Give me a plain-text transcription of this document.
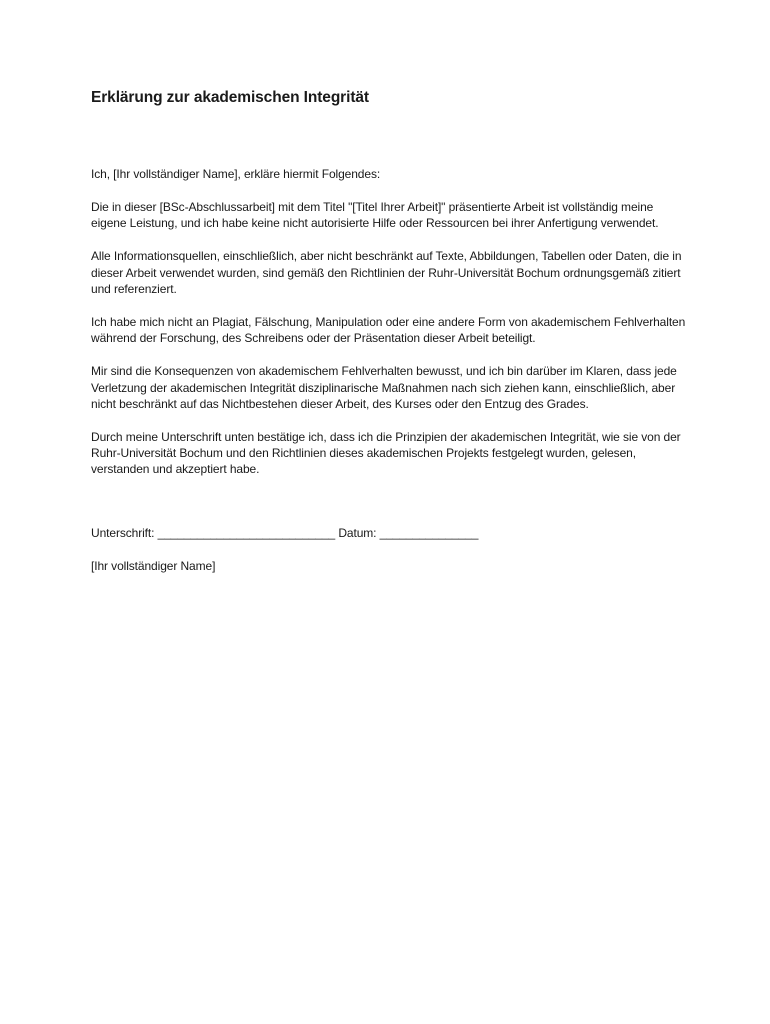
Erklärung zur akademischen Integrität

Ich, [Ihr vollständiger Name], erkläre hiermit Folgendes:

Die in dieser [BSc-Abschlussarbeit] mit dem Titel "[Titel Ihrer Arbeit]" präsentierte Arbeit ist vollständig meine eigene Leistung, und ich habe keine nicht autorisierte Hilfe oder Ressourcen bei ihrer Anfertigung verwendet.

Alle Informationsquellen, einschließlich, aber nicht beschränkt auf Texte, Abbildungen, Tabellen oder Daten, die in dieser Arbeit verwendet wurden, sind gemäß den Richtlinien der Ruhr-Universität Bochum ordnungsgemäß zitiert und referenziert.

Ich habe mich nicht an Plagiat, Fälschung, Manipulation oder eine andere Form von akademischem Fehlverhalten während der Forschung, des Schreibens oder der Präsentation dieser Arbeit beteiligt.

Mir sind die Konsequenzen von akademischem Fehlverhalten bewusst, und ich bin darüber im Klaren, dass jede Verletzung der akademischen Integrität disziplinarische Maßnahmen nach sich ziehen kann, einschließlich, aber nicht beschränkt auf das Nichtbestehen dieser Arbeit, des Kurses oder den Entzug des Grades.

Durch meine Unterschrift unten bestätige ich, dass ich die Prinzipien der akademischen Integrität, wie sie von der Ruhr-Universität Bochum und den Richtlinien dieses akademischen Projekts festgelegt wurden, gelesen, verstanden und akzeptiert habe.

Unterschrift: ___________________________ Datum: _______________

[Ihr vollständiger Name]
